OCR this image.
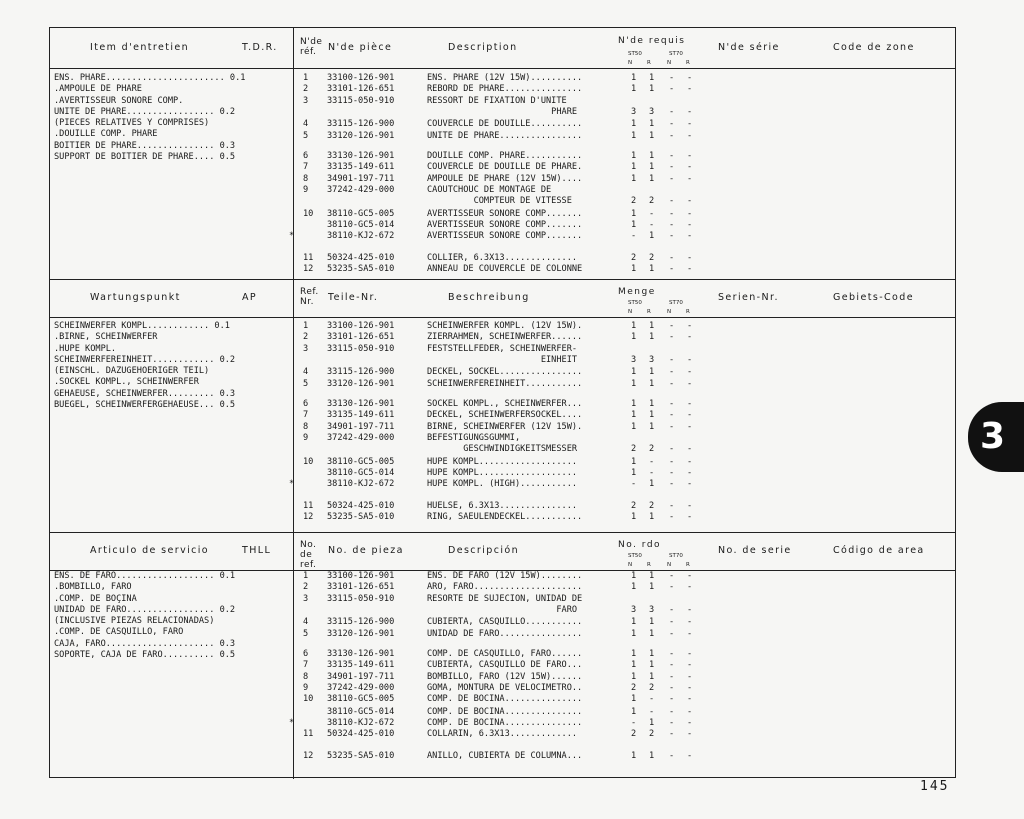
Item d'entretien	T.D.R.	N'de pièce	Description	N'de série	Code de zone
N'de réf.
N'de requis
ST50	ST70
N	R	N	R
ENS. PHARE....................... 0.1
.AMPOULE DE PHARE
.AVERTISSEUR SONORE COMP.
UNITE DE PHARE................. 0.2
(PIECES RELATIVES Y COMPRISES)
.DOUILLE COMP. PHARE
BOITIER DE PHARE............... 0.3
SUPPORT DE BOITIER DE PHARE.... 0.5
1 33100-126-901	ENS. PHARE (12V 15W)..........	1 1 - -
2 33101-126-651	REBORD DE PHARE...............	1 1 - -
3 33115-050-910	RESSORT DE FIXATION D'UNITE
PHARE	3 3 - -
4 33115-126-900	COUVERCLE DE DOUILLE..........	1 1 - -
5 33120-126-901	UNITE DE PHARE................	1 1 - -
6 33130-126-901	DOUILLE COMP. PHARE...........	1 1 - -
7 33135-149-611	COUVERCLE DE DOUILLE DE PHARE.	1 1 - -
8 34901-197-711	AMPOULE DE PHARE (12V 15W)....	1 1 - -
9 37242-429-000	CAOUTCHOUC DE MONTAGE DE
COMPTEUR DE VITESSE	2 2 - -
10 38110-GC5-005	AVERTISSEUR SONORE COMP.......	1 - - -
38110-GC5-014	AVERTISSEUR SONORE COMP.......	1 - - -
*	38110-KJ2-672	AVERTISSEUR SONORE COMP.......	- 1 - -
11 50324-425-010	COLLIER, 6.3X13..............	2 2 - -
12 53235-SA5-010	ANNEAU DE COUVERCLE DE COLONNE	1 1 - -
Wartungspunkt	AP	Teile-Nr.	Beschreibung	Serien-Nr.	Gebiets-Code
Ref. Nr.
Menge
ST50	ST70
N	R	N	R
SCHEINWERFER KOMPL............ 0.1
.BIRNE, SCHEINWERFER
.HUPE KOMPL.
SCHEINWERFEREINHEIT............ 0.2
(EINSCHL. DAZUGEHOERIGER TEIL)
.SOCKEL KOMPL., SCHEINWERFER
GEHAEUSE, SCHEINWERFER......... 0.3
BUEGEL, SCHEINWERFERGEHAEUSE... 0.5
1 33100-126-901	SCHEINWERFER KOMPL. (12V 15W).	1 1 - -
2 33101-126-651	ZIERRAHMEN, SCHEINWERFER......	1 1 - -
3 33115-050-910	FESTSTELLFEDER, SCHEINWERFER-
EINHEIT	3 3 - -
4 33115-126-900	DECKEL, SOCKEL................	1 1 - -
5 33120-126-901	SCHEINWERFEREINHEIT...........	1 1 - -
6 33130-126-901	SOCKEL KOMPL., SCHEINWERFER...	1 1 - -
7 33135-149-611	DECKEL, SCHEINWERFERSOCKEL....	1 1 - -
8 34901-197-711	BIRNE, SCHEINWERFER (12V 15W).	1 1 - -
9 37242-429-000	BEFESTIGUNGSGUMMI,
GESCHWINDIGKEITSMESSER	2 2 - -
10 38110-GC5-005	HUPE KOMPL...................	1 - - -
38110-GC5-014	HUPE KOMPL...................	1 - - -
*	38110-KJ2-672	HUPE KOMPL. (HIGH)...........	- 1 - -
11 50324-425-010	HUELSE, 6.3X13...............	2 2 - -
12 53235-SA5-010	RING, SAEULENDECKEL...........	1 1 - -
Articulo de servicio	THLL	No. de pieza	Descripción	No. de serie	Código de area
No. de ref.
No. rdo
ST50	ST70
N	R	N	R
ENS. DE FARO................... 0.1
.BOMBILLO, FARO
.COMP. DE BOÇINA
UNIDAD DE FARO................. 0.2
(INCLUSIVE PIEZAS RELACIONADAS)
.COMP. DE CASQUILLO, FARO
CAJA, FARO..................... 0.3
SOPORTE, CAJA DE FARO.......... 0.5
1 33100-126-901	ENS. DE FARO (12V 15W)........	1 1 - -
2 33101-126-651	ARO, FARO.....................	1 1 - -
3 33115-050-910	RESORTE DE SUJECION, UNIDAD DE
FARO	3 3 - -
4 33115-126-900	CUBIERTA, CASQUILLO...........	1 1 - -
5 33120-126-901	UNIDAD DE FARO................	1 1 - -
6 33130-126-901	COMP. DE CASQUILLO, FARO......	1 1 - -
7 33135-149-611	CUBIERTA, CASQUILLO DE FARO...	1 1 - -
8 34901-197-711	BOMBILLO, FARO (12V 15W)......	1 1 - -
9 37242-429-000	GOMA, MONTURA DE VELOCIMETRO..	2 2 - -
10 38110-GC5-005	COMP. DE BOCINA...............	1 - - -
38110-GC5-014	COMP. DE BOCINA...............	1 - - -
*	38110-KJ2-672	COMP. DE BOCINA...............	- 1 - -
11 50324-425-010	COLLARIN, 6.3X13.............	2 2 - -
12 53235-SA5-010	ANILLO, CUBIERTA DE COLUMNA...	1 1 - -
3
145
